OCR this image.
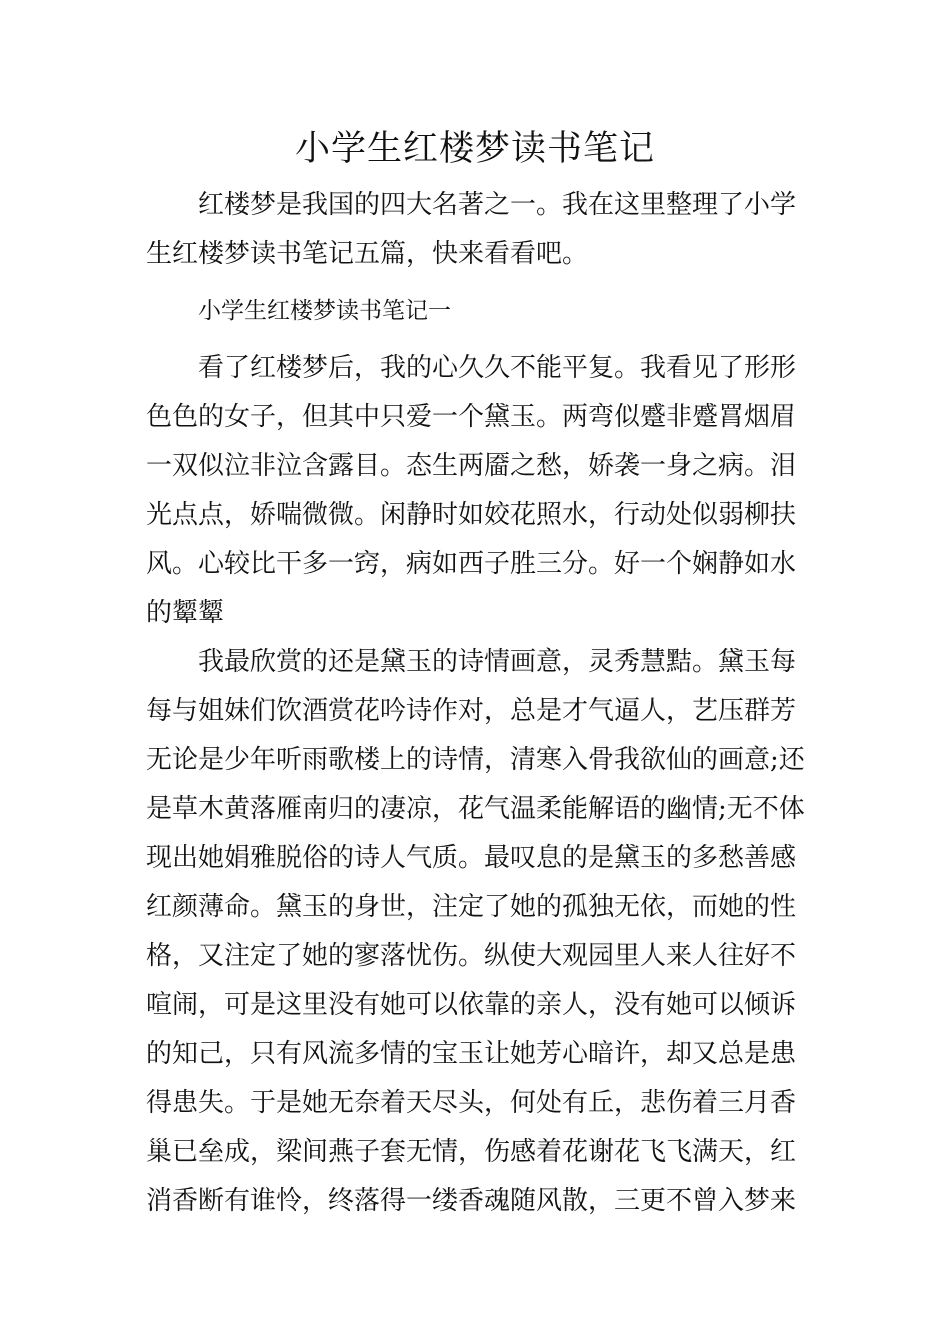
小学生红楼梦读书笔记

红楼梦是我国的四大名著之一。我在这里整理了小学
生红楼梦读书笔记五篇，快来看看吧。

小学生红楼梦读书笔记一

看了红楼梦后，我的心久久不能平复。我看见了形形
色色的女子，但其中只爱一个黛玉。两弯似蹙非蹙罥烟眉
一双似泣非泣含露目。态生两靥之愁，娇袭一身之病。泪
光点点，娇喘微微。闲静时如姣花照水，行动处似弱柳扶
风。心较比干多一窍，病如西子胜三分。好一个娴静如水
的颦颦

我最欣赏的还是黛玉的诗情画意，灵秀慧黠。黛玉每
每与姐妹们饮酒赏花吟诗作对，总是才气逼人，艺压群芳
无论是少年听雨歌楼上的诗情，清寒入骨我欲仙的画意;还
是草木黄落雁南归的凄凉，花气温柔能解语的幽情;无不体
现出她娟雅脱俗的诗人气质。最叹息的是黛玉的多愁善感
红颜薄命。黛玉的身世，注定了她的孤独无依，而她的性
格，又注定了她的寥落忧伤。纵使大观园里人来人往好不
喧闹，可是这里没有她可以依靠的亲人，没有她可以倾诉
的知己，只有风流多情的宝玉让她芳心暗许，却又总是患
得患失。于是她无奈着天尽头，何处有丘，悲伤着三月香
巢已垒成，梁间燕子套无情，伤感着花谢花飞飞满天，红
消香断有谁怜，终落得一缕香魂随风散，三更不曾入梦来
